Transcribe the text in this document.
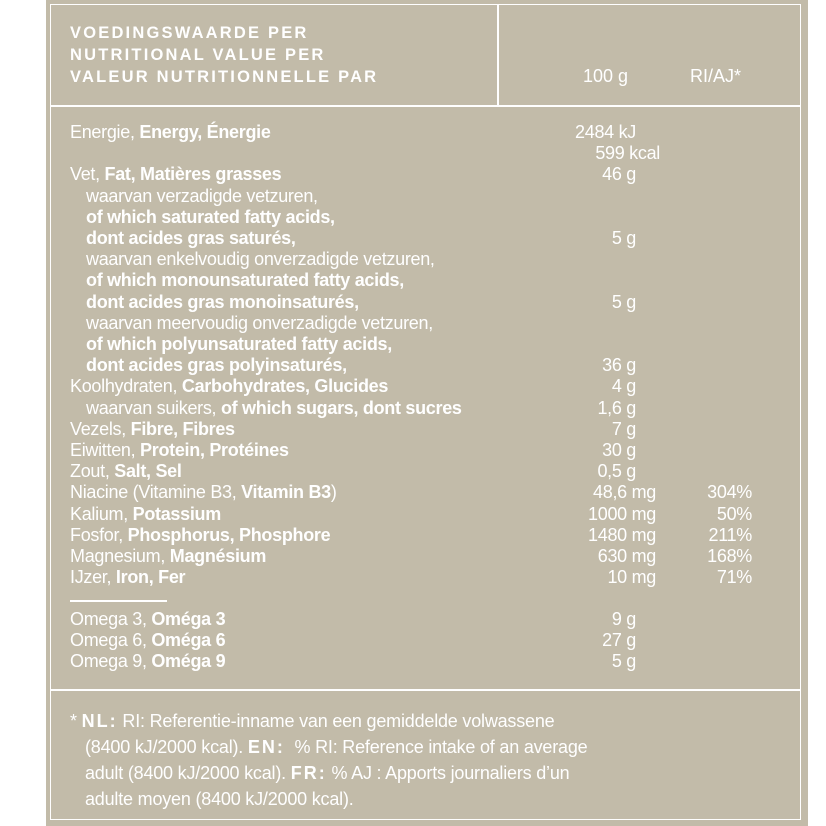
VOEDINGSWAARDE PER
NUTRITIONAL VALUE PER
VALEUR NUTRITIONNELLE PAR	100 g	RI/AJ*
Energie, Energy, Énergie	2484 kJ
599 kcal
Vet, Fat, Matières grasses	46 g
waarvan verzadigde vetzuren,
of which saturated fatty acids,
dont acides gras saturés,	5 g
waarvan enkelvoudig onverzadigde vetzuren,
of which monounsaturated fatty acids,
dont acides gras monoinsaturés,	5 g
waarvan meervoudig onverzadigde vetzuren,
of which polyunsaturated fatty acids,
dont acides gras polyinsaturés,	36 g
Koolhydraten, Carbohydrates, Glucides	4 g
waarvan suikers, of which sugars, dont sucres	1,6 g
Vezels, Fibre, Fibres	7 g
Eiwitten, Protein, Protéines	30 g
Zout, Salt, Sel	0,5 g
Niacine (Vitamine B3, Vitamin B3)	48,6 mg	304%
Kalium, Potassium	1000 mg	50%
Fosfor, Phosphorus, Phosphore	1480 mg	211%
Magnesium, Magnésium	630 mg	168%
IJzer, Iron, Fer	10 mg	71%
Omega 3, Oméga 3	9 g
Omega 6, Oméga 6	27 g
Omega 9, Oméga 9	5 g
* NL: RI: Referentie-inname van een gemiddelde volwassene
(8400 kJ/2000 kcal). EN:  % RI: Reference intake of an average
adult (8400 kJ/2000 kcal). FR: % AJ : Apports journaliers d’un
adulte moyen (8400 kJ/2000 kcal).
